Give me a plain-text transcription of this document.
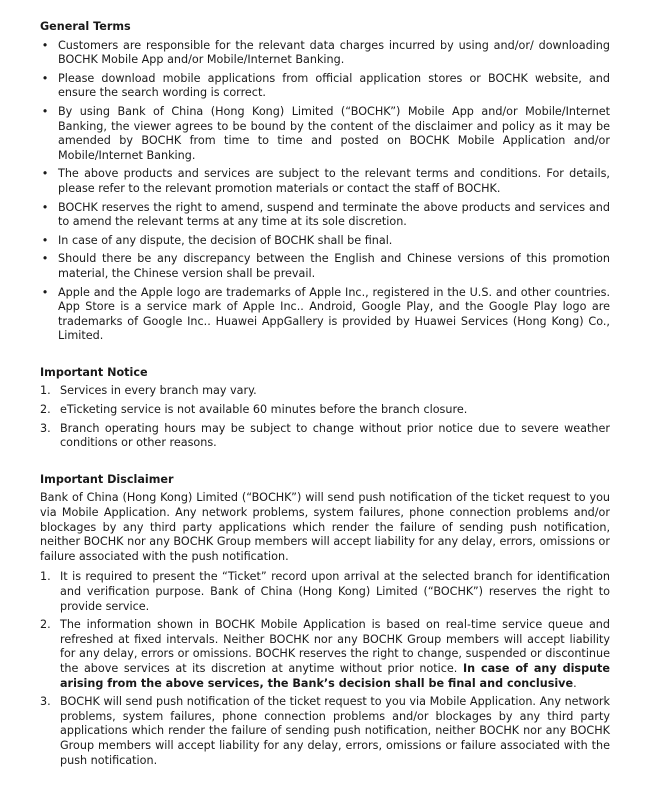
General Terms
• Customers are responsible for the relevant data charges incurred by using and/or/ downloading BOCHK Mobile App and/or Mobile/Internet Banking.
• Please download mobile applications from official application stores or BOCHK website, and ensure the search wording is correct.
• By using Bank of China (Hong Kong) Limited (“BOCHK”) Mobile App and/or Mobile/Internet Banking, the viewer agrees to be bound by the content of the disclaimer and policy as it may be amended by BOCHK from time to time and posted on BOCHK Mobile Application and/or Mobile/Internet Banking.
• The above products and services are subject to the relevant terms and conditions. For details, please refer to the relevant promotion materials or contact the staff of BOCHK.
• BOCHK reserves the right to amend, suspend and terminate the above products and services and to amend the relevant terms at any time at its sole discretion.
• In case of any dispute, the decision of BOCHK shall be final.
• Should there be any discrepancy between the English and Chinese versions of this promotion material, the Chinese version shall be prevail.
• Apple and the Apple logo are trademarks of Apple Inc., registered in the U.S. and other countries. App Store is a service mark of Apple Inc.. Android, Google Play, and the Google Play logo are trademarks of Google Inc.. Huawei AppGallery is provided by Huawei Services (Hong Kong) Co., Limited.
Important Notice
1. Services in every branch may vary.
2. eTicketing service is not available 60 minutes before the branch closure.
3. Branch operating hours may be subject to change without prior notice due to severe weather conditions or other reasons.
Important Disclaimer

Bank of China (Hong Kong) Limited (“BOCHK”) will send push notification of the ticket request to you via Mobile Application. Any network problems, system failures, phone connection problems and/or blockages by any third party applications which render the failure of sending push notification, neither BOCHK nor any BOCHK Group members will accept liability for any delay, errors, omissions or failure associated with the push notification.

1. It is required to present the “Ticket” record upon arrival at the selected branch for identification and verification purpose. Bank of China (Hong Kong) Limited (“BOCHK”) reserves the right to provide service.
2. The information shown in BOCHK Mobile Application is based on real-time service queue and refreshed at fixed intervals. Neither BOCHK nor any BOCHK Group members will accept liability for any delay, errors or omissions. BOCHK reserves the right to change, suspended or discontinue the above services at its discretion at anytime without prior notice. In case of any dispute arising from the above services, the Bank’s decision shall be final and conclusive.
3. BOCHK will send push notification of the ticket request to you via Mobile Application. Any network problems, system failures, phone connection problems and/or blockages by any third party applications which render the failure of sending push notification, neither BOCHK nor any BOCHK Group members will accept liability for any delay, errors, omissions or failure associated with the push notification.
